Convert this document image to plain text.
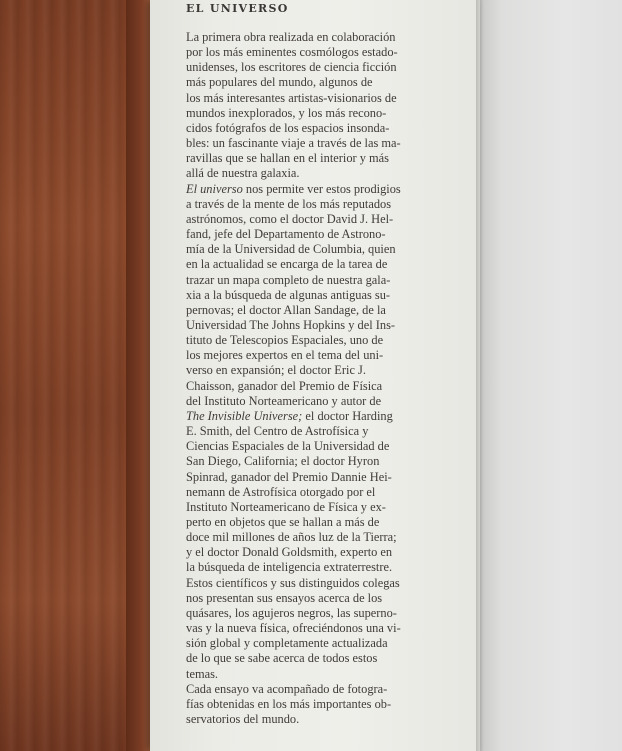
EL UNIVERSO

La primera obra realizada en colaboración
por los más eminentes cosmólogos estado-
unidenses, los escritores de ciencia ficción
más populares del mundo, algunos de
los más interesantes artistas-visionarios de
mundos inexplorados, y los más recono-
cidos fotógrafos de los espacios insonda-
bles: un fascinante viaje a través de las ma-
ravillas que se hallan en el interior y más
allá de nuestra galaxia.

El universo nos permite ver estos prodigios
a través de la mente de los más reputados
astrónomos, como el doctor David J. Hel-
fand, jefe del Departamento de Astrono-
mía de la Universidad de Columbia, quien
en la actualidad se encarga de la tarea de
trazar un mapa completo de nuestra gala-
xia a la búsqueda de algunas antiguas su-
pernovas; el doctor Allan Sandage, de la
Universidad The Johns Hopkins y del Ins-
tituto de Telescopios Espaciales, uno de
los mejores expertos en el tema del uni-
verso en expansión; el doctor Eric J.
Chaisson, ganador del Premio de Física
del Instituto Norteamericano y autor de
The Invisible Universe; el doctor Harding
E. Smith, del Centro de Astrofísica y
Ciencias Espaciales de la Universidad de
San Diego, California; el doctor Hyron
Spinrad, ganador del Premio Dannie Hei-
nemann de Astrofísica otorgado por el
Instituto Norteamericano de Física y ex-
perto en objetos que se hallan a más de
doce mil millones de años luz de la Tierra;
y el doctor Donald Goldsmith, experto en
la búsqueda de inteligencia extraterrestre.
Estos científicos y sus distinguidos colegas
nos presentan sus ensayos acerca de los
quásares, los agujeros negros, las superno-
vas y la nueva física, ofreciéndonos una vi-
sión global y completamente actualizada
de lo que se sabe acerca de todos estos
temas.

Cada ensayo va acompañado de fotogra-
fías obtenidas en los más importantes ob-
servatorios del mundo.
